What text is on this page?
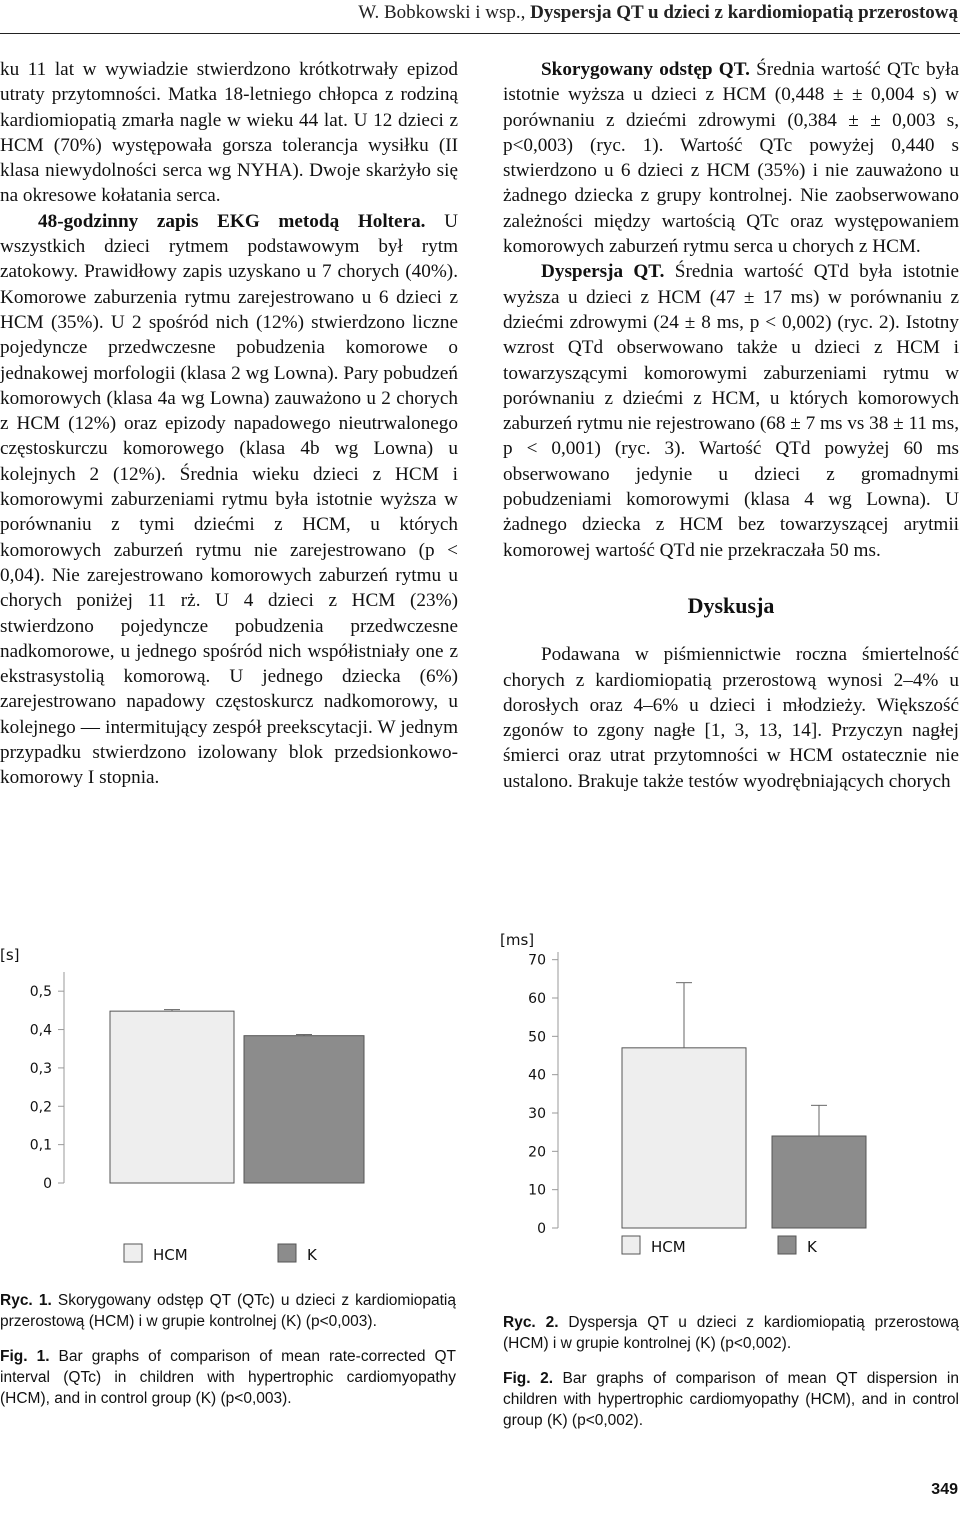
W. Bobkowski i wsp., Dyspersja QT u dzieci z kardiomiopatią przerostową

ku 11 lat w wywiadzie stwierdzono krótkotrwały epizod utraty przytomności. Matka 18-letniego chłopca z rodziną kardiomiopatią zmarła nagle w wieku 44 lat. U 12 dzieci z HCM (70%) występowała gorsza tolerancja wysiłku (II klasa niewydolności serca wg NYHA). Dwoje skarżyło się na okresowe kołatania serca.

48-godzinny zapis EKG metodą Holtera. U wszystkich dzieci rytmem podstawowym był rytm zatokowy. Prawidłowy zapis uzyskano u 7 chorych (40%). Komorowe zaburzenia rytmu zarejestrowano u 6 dzieci z HCM (35%). U 2 spośród nich (12%) stwierdzono liczne pojedyncze przedwczesne pobudzenia komorowe o jednakowej morfologii (klasa 2 wg Lowna). Pary pobudzeń komorowych (klasa 4a wg Lowna) zauważono u 2 chorych z HCM (12%) oraz epizody napadowego nieutrwalonego częstoskurczu komorowego (klasa 4b wg Lowna) u kolejnych 2 (12%). Średnia wieku dzieci z HCM i komorowymi zaburzeniami rytmu była istotnie wyższa w porównaniu z tymi dziećmi z HCM, u których komorowych zaburzeń rytmu nie zarejestrowano (p < 0,04). Nie zarejestrowano komorowych zaburzeń rytmu u chorych poniżej 11 rż. U 4 dzieci z HCM (23%) stwierdzono pojedyncze pobudzenia przedwczesne nadkomorowe, u jednego spośród nich współistniały one z ekstrasystolią komorową. U jednego dziecka (6%) zarejestrowano napadowy częstoskurcz nadkomorowy, u kolejnego — intermitujący zespół preekscytacji. W jednym przypadku stwierdzono izolowany blok przedsionkowo-komorowy I stopnia.

Skorygowany odstęp QT. Średnia wartość QTc była istotnie wyższa u dzieci z HCM (0,448 ± ± 0,004 s) w porównaniu z dziećmi zdrowymi (0,384 ± ± 0,003 s, p<0,003) (ryc. 1). Wartość QTc powyżej 0,440 s stwierdzono u 6 dzieci z HCM (35%) i nie zauważono u żadnego dziecka z grupy kontrolnej. Nie zaobserwowano zależności między wartością QTc oraz występowaniem komorowych zaburzeń rytmu serca u chorych z HCM.

Dyspersja QT. Średnia wartość QTd była istotnie wyższa u dzieci z HCM (47 ± 17 ms) w porównaniu z dziećmi zdrowymi (24 ± 8 ms, p < 0,002) (ryc. 2). Istotny wzrost QTd obserwowano także u dzieci z HCM i towarzyszącymi komorowymi zaburzeniami rytmu w porównaniu z dziećmi z HCM, u których komorowych zaburzeń rytmu nie rejestrowano (68 ± 7 ms vs 38 ± 11 ms, p < 0,001) (ryc. 3). Wartość QTd powyżej 60 ms obserwowano jedynie u dzieci z gromadnymi pobudzeniami komorowymi (klasa 4 wg Lowna). U żadnego dziecka z HCM bez towarzyszącej arytmii komorowej wartość QTd nie przekraczała 50 ms.

Dyskusja

Podawana w piśmiennictwie roczna śmiertelność chorych z kardiomiopatią przerostową wynosi 2–4% u dorosłych oraz 4–6% u dzieci i młodzieży. Większość zgonów to zgony nagłe [1, 3, 13, 14]. Przyczyn nagłej śmierci oraz utrat przytomności w HCM ostatecznie nie ustalono. Brakuje także testów wyodrębniających chorych

[s]
0
0,1
0,2
0,3
0,4
0,5
HCM	K
[ms]
0
10
20
30
40
50
60
70
HCM	K

Ryc. 1. Skorygowany odstęp QT (QTc) u dzieci z kardiomiopatią przerostową (HCM) i w grupie kontrolnej (K) (p<0,003).

Fig. 1. Bar graphs of comparison of mean rate-corrected QT interval (QTc) in children with hypertrophic cardiomyopathy (HCM), and in control group (K) (p<0,003).

Ryc. 2. Dyspersja QT u dzieci z kardiomiopatią przerostową (HCM) i w grupie kontrolnej (K) (p<0,002).

Fig. 2. Bar graphs of comparison of mean QT dispersion in children with hypertrophic cardiomyopathy (HCM), and in control group (K) (p<0,002).

349
